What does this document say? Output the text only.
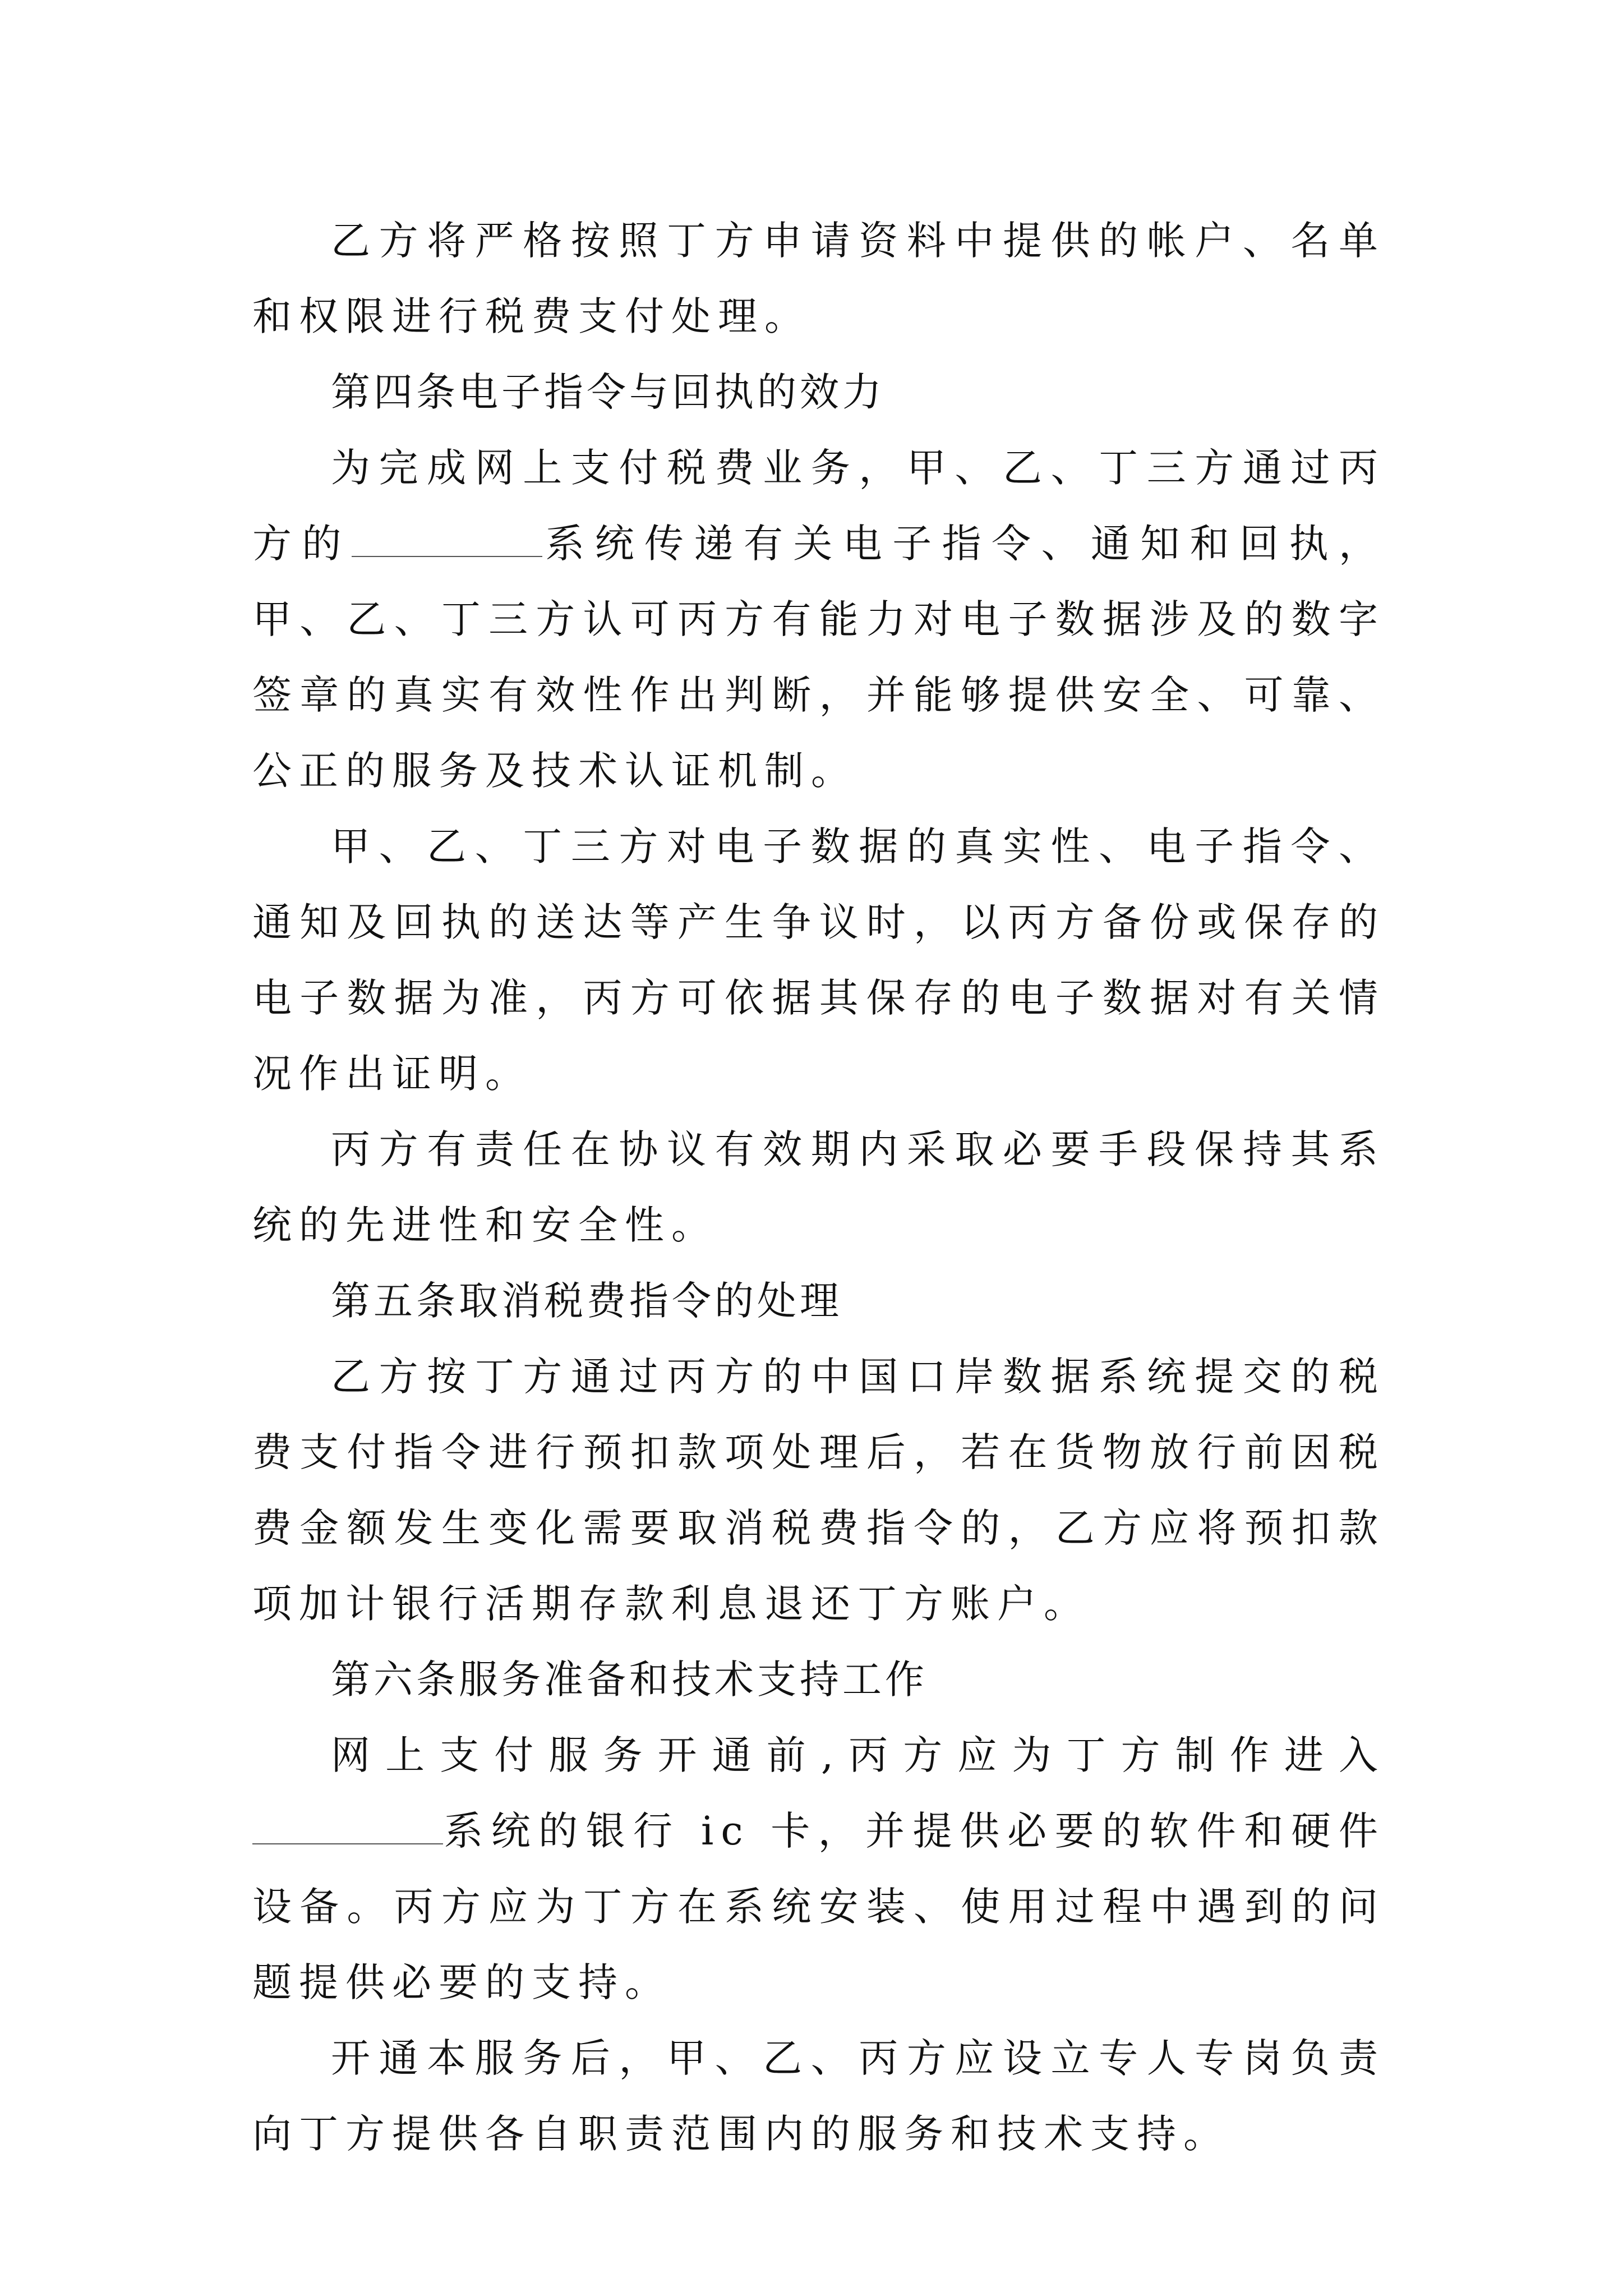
乙方将严格按照丁方申请资料中提供的帐户、名单和权限进行税费支付处理。

第四条电子指令与回执的效力

为完成网上支付税费业务，甲、乙、丁三方通过丙方的	系统传递有关电子指令、通知和回执，甲、乙、丁三方认可丙方有能力对电子数据涉及的数字签章的真实有效性作出判断，并能够提供安全、可靠、公正的服务及技术认证机制。

甲、乙、丁三方对电子数据的真实性、电子指令、通知及回执的送达等产生争议时，以丙方备份或保存的电子数据为准，丙方可依据其保存的电子数据对有关情况作出证明。

丙方有责任在协议有效期内采取必要手段保持其系统的先进性和安全性。

第五条取消税费指令的处理

乙方按丁方通过丙方的中国口岸数据系统提交的税费支付指令进行预扣款项处理后，若在货物放行前因税费金额发生变化需要取消税费指令的，乙方应将预扣款项加计银行活期存款利息退还丁方账户。

第六条服务准备和技术支持工作

网上支付服务开通前,丙方应为丁方制作进入系统的银行 ic 卡，并提供必要的软件和硬件设备。丙方应为丁方在系统安装、使用过程中遇到的问题提供必要的支持。

开通本服务后，甲、乙、丙方应设立专人专岗负责向丁方提供各自职责范围内的服务和技术支持。
